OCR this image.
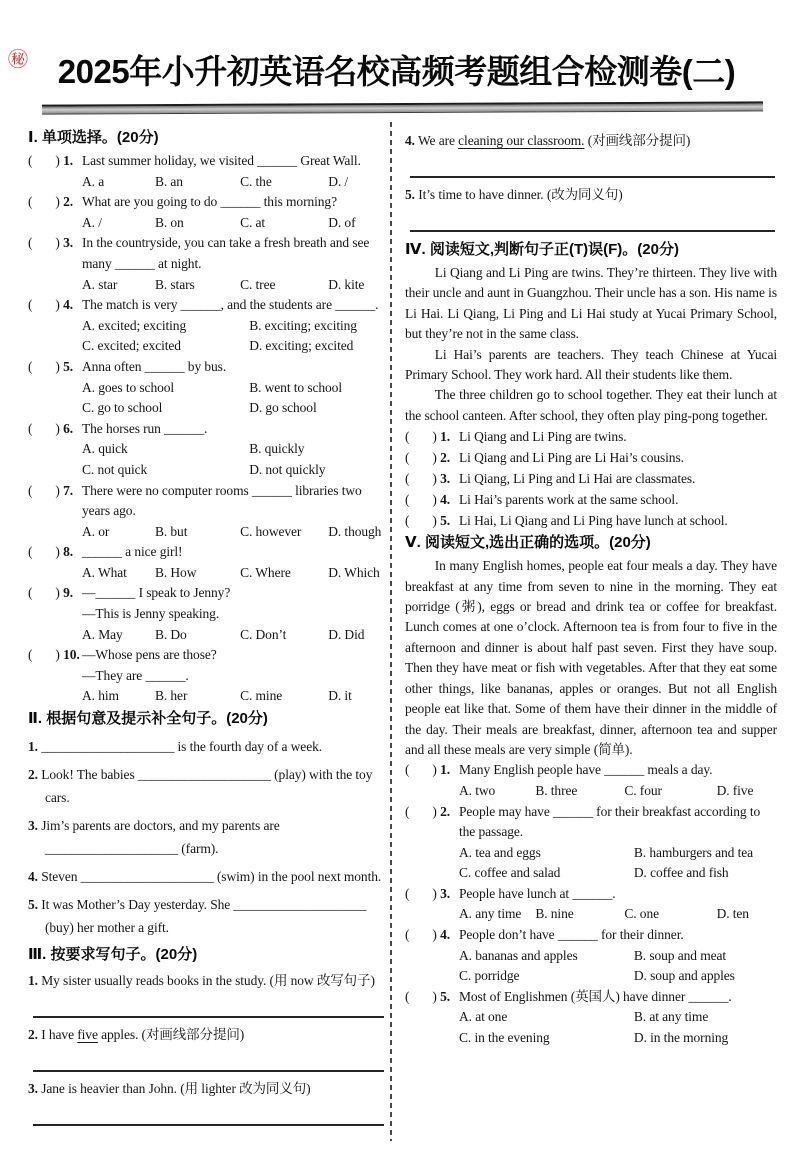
㊙ 2025年小升初英语名校高频考题组合检测卷(二)
Ⅰ. 单项选择。(20分)
( ) 1. Last summer holiday, we visited ______ Great Wall.
A. a	B. an	C. the	D. /
( ) 2. What are you going to do ______ this morning?
A. /	B. on	C. at	D. of
( ) 3. In the countryside, you can take a fresh breath and see many ______ at night.
A. star	B. stars	C. tree	D. kite
( ) 4. The match is very ______, and the students are ______.
A. excited; exciting	B. exciting; exciting
C. excited; excited	D. exciting; excited
( ) 5. Anna often ______ by bus.
A. goes to school	B. went to school
C. go to school	D. go school
( ) 6. The horses run ______.
A. quick	B. quickly
C. not quick	D. not quickly
( ) 7. There were no computer rooms ______ libraries two years ago.
A. or	B. but	C. however	D. though
( ) 8. ______ a nice girl!
A. What	B. How	C. Where	D. Which
( ) 9. —______ I speak to Jenny?
—This is Jenny speaking.
A. May	B. Do	C. Don’t	D. Did
( ) 10. —Whose pens are those?
—They are ______.
A. him	B. her	C. mine	D. it
Ⅱ. 根据句意及提示补全句子。(20分)
1. ____________________ is the fourth day of a week.
2. Look! The babies ____________________ (play) with the toy cars.
3. Jim’s parents are doctors, and my parents are ____________________ (farm).
4. Steven ____________________ (swim) in the pool next month.
5. It was Mother’s Day yesterday. She ____________________ (buy) her mother a gift.
Ⅲ. 按要求写句子。(20分)
1. My sister usually reads books in the study. (用 now 改写句子)
2. I have five apples. (对画线部分提问)
3. Jane is heavier than John. (用 lighter 改为同义句)
4. We are cleaning our classroom. (对画线部分提问)
5. It’s time to have dinner. (改为同义句)
Ⅳ. 阅读短文,判断句子正(T)误(F)。(20分)

Li Qiang and Li Ping are twins. They’re thirteen. They live with their uncle and aunt in Guangzhou. Their uncle has a son. His name is Li Hai. Li Qiang, Li Ping and Li Hai study at Yucai Primary School, but they’re not in the same class.

Li Hai’s parents are teachers. They teach Chinese at Yucai Primary School. They work hard. All their students like them.

The three children go to school together. They eat their lunch at the school canteen. After school, they often play ping-pong together.

( ) 1. Li Qiang and Li Ping are twins.
( ) 2. Li Qiang and Li Ping are Li Hai’s cousins.
( ) 3. Li Qiang, Li Ping and Li Hai are classmates.
( ) 4. Li Hai’s parents work at the same school.
( ) 5. Li Hai, Li Qiang and Li Ping have lunch at school.
Ⅴ. 阅读短文,选出正确的选项。(20分)

In many English homes, people eat four meals a day. They have breakfast at any time from seven to nine in the morning. They eat porridge (粥), eggs or bread and drink tea or coffee for breakfast. Lunch comes at one o’clock. Afternoon tea is from four to five in the afternoon and dinner is about half past seven. First they have soup. Then they have meat or fish with vegetables. After that they eat some other things, like bananas, apples or oranges. But not all English people eat like that. Some of them have their dinner in the middle of the day. Their meals are breakfast, dinner, afternoon tea and supper and all these meals are very simple (简单).

( ) 1. Many English people have ______ meals a day.
A. two	B. three	C. four	D. five
( ) 2. People may have ______ for their breakfast according to the passage.
A. tea and eggs	B. hamburgers and tea
C. coffee and salad	D. coffee and fish
( ) 3. People have lunch at ______.
A. any time	B. nine	C. one	D. ten
( ) 4. People don’t have ______ for their dinner.
A. bananas and apples	B. soup and meat
C. porridge	D. soup and apples
( ) 5. Most of Englishmen (英国人) have dinner ______.
A. at one	B. at any time
C. in the evening	D. in the morning
